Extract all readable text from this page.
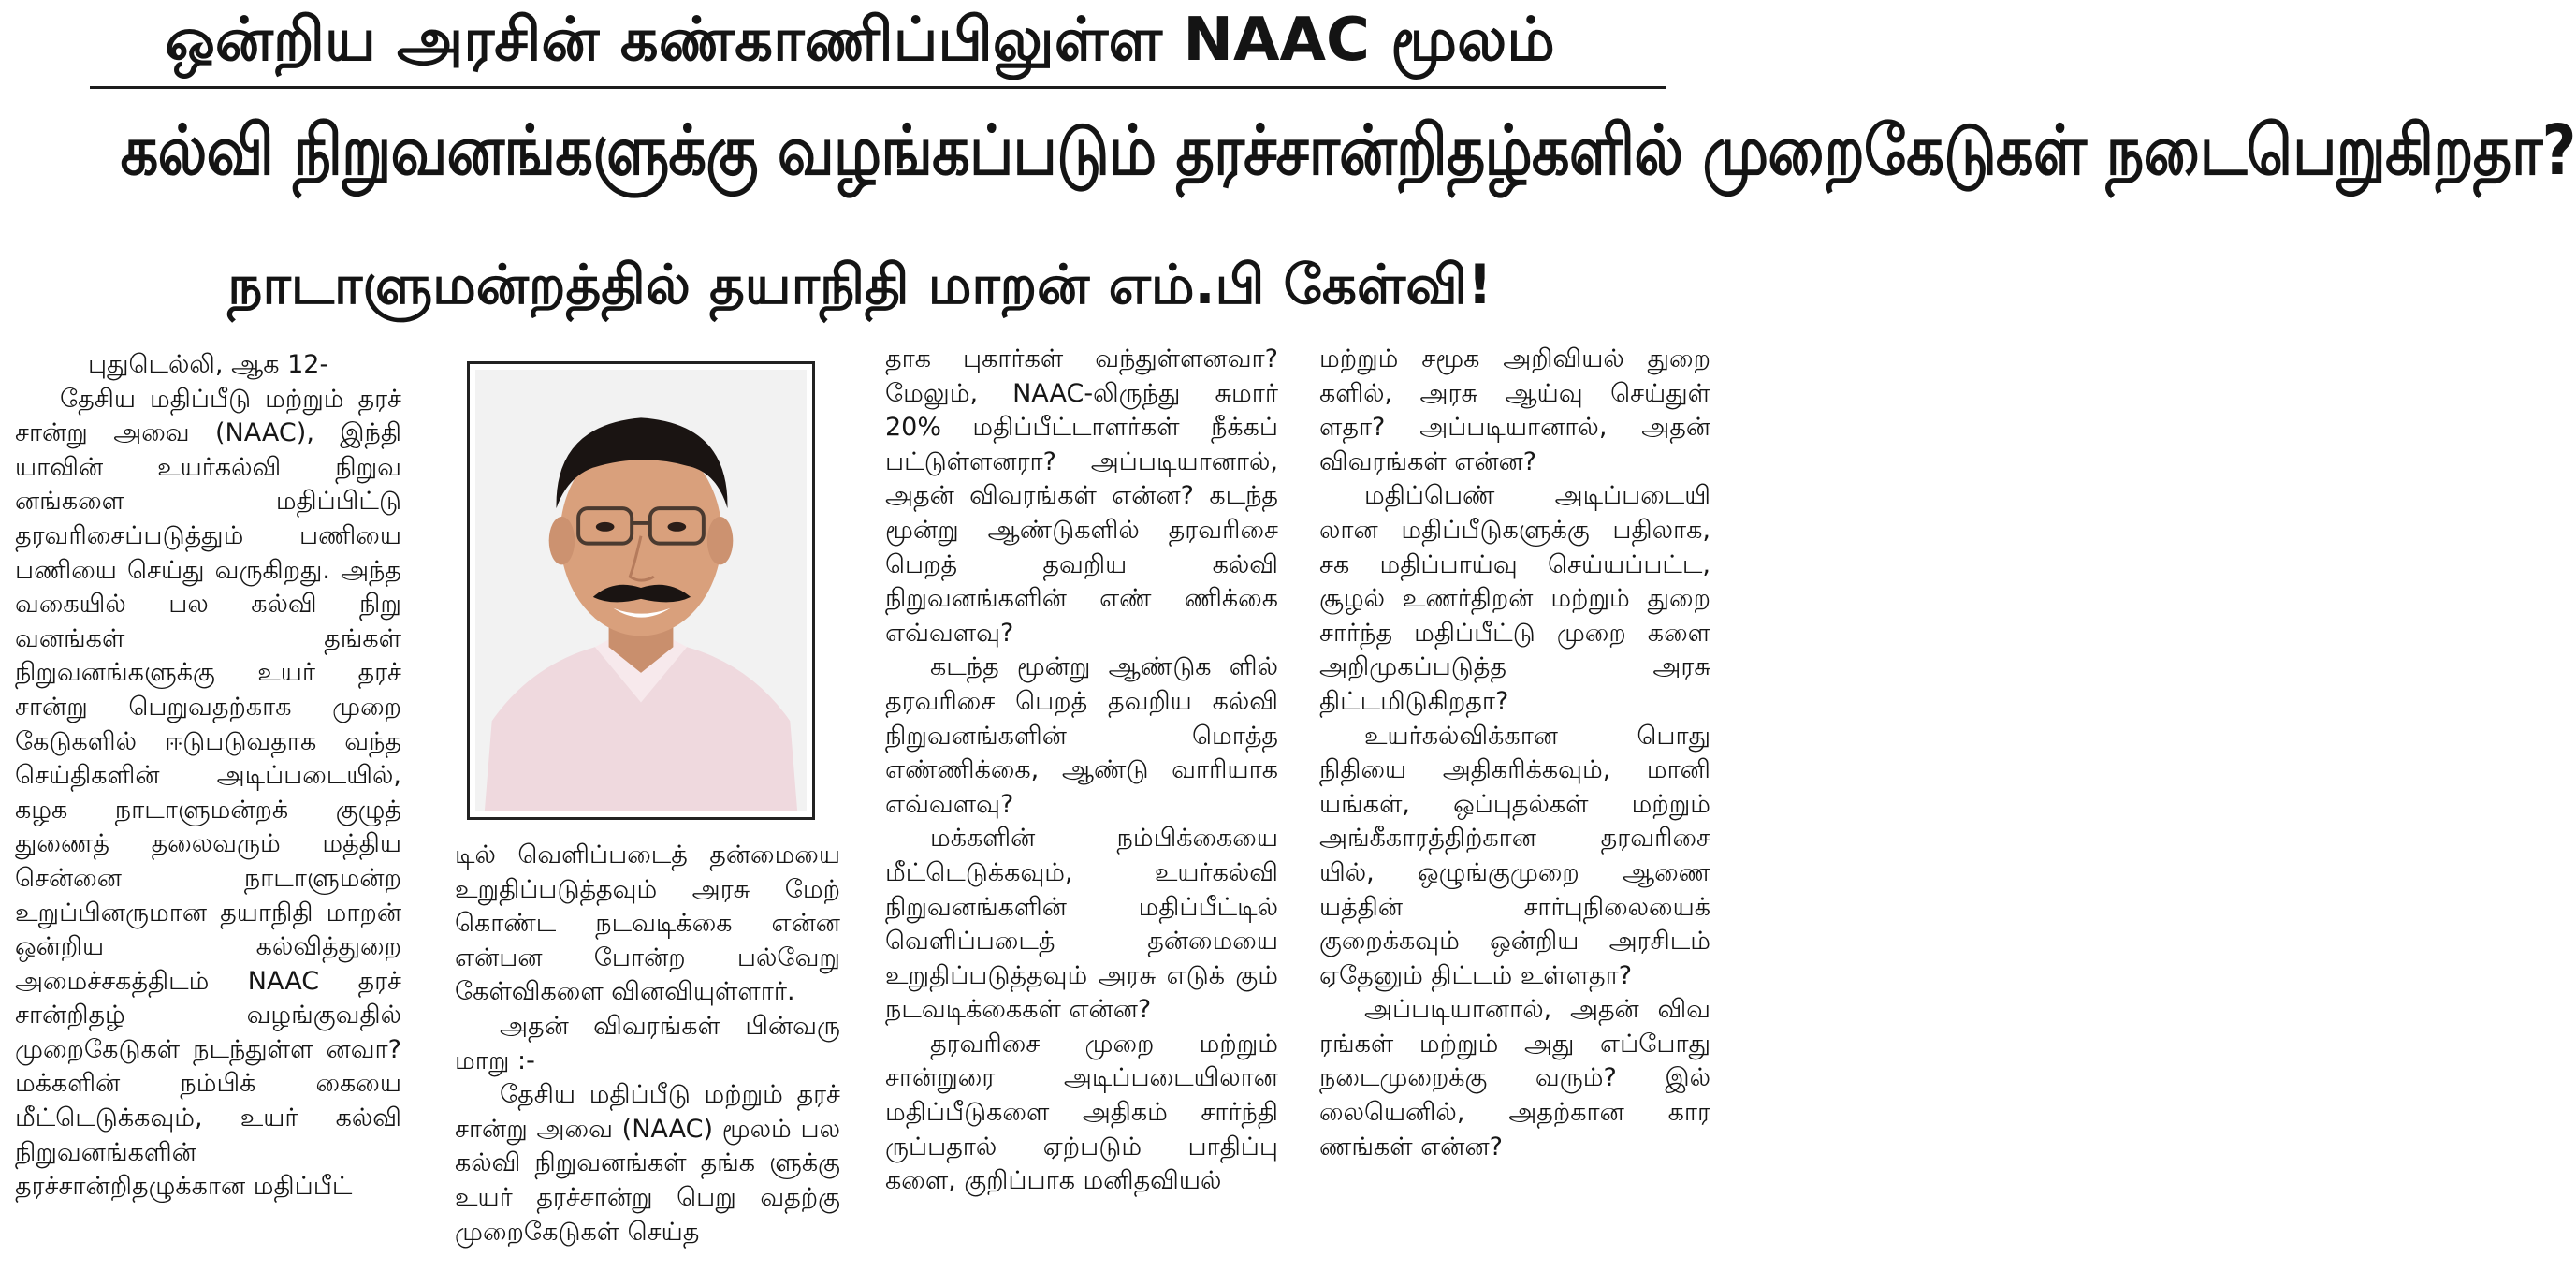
ஒன்றிய அரசின் கண்காணிப்பிலுள்ள NAAC மூலம்
கல்வி நிறுவனங்களுக்கு வழங்கப்படும் தரச்சான்றிதழ்களில் முறைகேடுகள் நடைபெறுகிறதா?
நாடாளுமன்றத்தில் தயாநிதி மாறன் எம்.பி கேள்வி!

புதுடெல்லி, ஆக 12-

தேசிய மதிப்பீடு மற்றும் தரச் சான்று அவை (NAAC), இந்தி யாவின் உயர்கல்வி நிறுவ னங்களை மதிப்பிட்டு தரவரிசைப்படுத்தும் பணியை பணியை செய்து வருகிறது. அந்த வகையில் பல கல்வி நிறு வனங்கள் தங்கள் நிறுவனங்களுக்கு உயர் தரச் சான்று பெறுவதற்காக முறை கேடுகளில் ஈடுபடுவதாக வந்த செய்திகளின் அடிப்படையில், கழக நாடாளுமன்றக் குழுத் துணைத் தலைவரும் மத்திய சென்னை நாடாளுமன்ற உறுப்பினருமான தயாநிதி மாறன் ஒன்றிய கல்வித்துறை அமைச்சகத்திடம் NAAC தரச் சான்றிதழ் வழங்குவதில் முறைகேடுகள் நடந்துள்ள னவா? மக்களின் நம்பிக் கையை மீட்டெடுக்கவும், உயர் கல்வி நிறுவனங்களின் தரச்சான்றிதழுக்கான மதிப்பீட்

டில் வெளிப்படைத் தன்மையை உறுதிப்படுத்தவும் அரசு மேற் கொண்ட நடவடிக்கை என்ன என்பன போன்ற பல்வேறு கேள்விகளை வினவியுள்ளார்.

அதன் விவரங்கள் பின்வரு மாறு :-

தேசிய மதிப்பீடு மற்றும் தரச் சான்று அவை (NAAC) மூலம் பல கல்வி நிறுவனங்கள் தங்க ளுக்கு உயர் தரச்சான்று பெறு வதற்கு முறைகேடுகள் செய்த

தாக புகார்கள் வந்துள்ளனவா? மேலும், NAAC-லிருந்து சுமார் 20% மதிப்பீட்டாளர்கள் நீக்கப் பட்டுள்ளனரா? அப்படியானால், அதன் விவரங்கள் என்ன? கடந்த மூன்று ஆண்டுகளில் தரவரிசை பெறத் தவறிய கல்வி நிறுவனங்களின் எண் ணிக்கை எவ்வளவு?

கடந்த மூன்று ஆண்டுக ளில் தரவரிசை பெறத் தவறிய கல்வி நிறுவனங்களின் மொத்த எண்ணிக்கை, ஆண்டு வாரியாக எவ்வளவு?

மக்களின் நம்பிக்கையை மீட்டெடுக்கவும், உயர்கல்வி நிறுவனங்களின் மதிப்பீட்டில் வெளிப்படைத் தன்மையை உறுதிப்படுத்தவும் அரசு எடுக் கும் நடவடிக்கைகள் என்ன?

தரவரிசை முறை மற்றும் சான்றுரை அடிப்படையிலான மதிப்பீடுகளை அதிகம் சார்ந்தி ருப்பதால் ஏற்படும் பாதிப்பு களை, குறிப்பாக மனிதவியல்

மற்றும் சமூக அறிவியல் துறை களில், அரசு ஆய்வு செய்துள் ளதா? அப்படியானால், அதன் விவரங்கள் என்ன?

மதிப்பெண் அடிப்படையி லான மதிப்பீடுகளுக்கு பதிலாக, சக மதிப்பாய்வு செய்யப்பட்ட, சூழல் உணர்திறன் மற்றும் துறை சார்ந்த மதிப்பீட்டு முறை களை அறிமுகப்படுத்த அரசு திட்டமிடுகிறதா?

உயர்கல்விக்கான பொது நிதியை அதிகரிக்கவும், மானி யங்கள், ஒப்புதல்கள் மற்றும் அங்கீகாரத்திற்கான தரவரிசை யில், ஒழுங்குமுறை ஆணை யத்தின் சார்புநிலையைக் குறைக்கவும் ஒன்றிய அரசிடம் ஏதேனும் திட்டம் உள்ளதா?

அப்படியானால், அதன் விவ ரங்கள் மற்றும் அது எப்போது நடைமுறைக்கு வரும்? இல் லையெனில், அதற்கான கார ணங்கள் என்ன?
